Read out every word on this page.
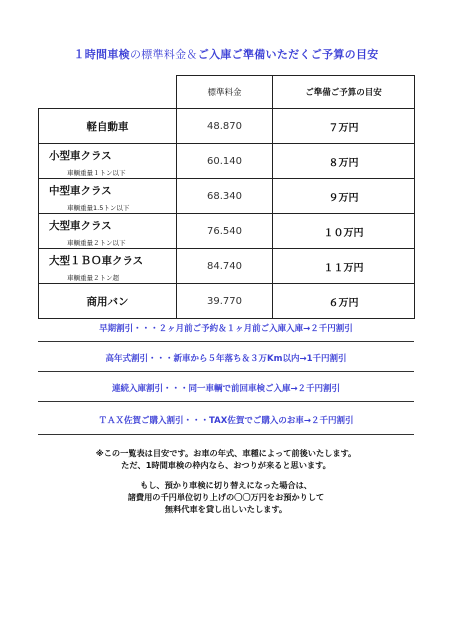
１時間車検の標準料金＆ご入庫ご準備いただくご予算の目安
	標準料金	ご準備ご予算の目安

軽自動車	48.870	７万円

小型車クラス
車輌重量１トン以下	60.140	８万円

中型車クラス
車輌重量1.5トン以下	68.340	９万円

大型車クラス
車輌重量２トン以下	76.540	１０万円

大型１ＢＯ車クラス
車輌重量２トン超	84.740	１１万円

商用バン	39.770	６万円
早期割引・・・２ヶ月前ご予約＆１ヶ月前ご入庫入庫→２千円割引
高年式割引・・・新車から５年落ち＆３万Km以内→1千円割引
連続入庫割引・・・同一車輌で前回車検ご入庫→２千円割引
ＴＡＸ佐賀ご購入割引・・・TAX佐賀でご購入のお車→２千円割引
※この一覧表は目安です。お車の年式、車種によって前後いたします。
ただ、1時間車検の枠内なら、おつりが来ると思います。
もし、預かり車検に切り替えになった場合は、
諸費用の千円単位切り上げの〇〇万円をお預かりして
無料代車を貸し出しいたします。
